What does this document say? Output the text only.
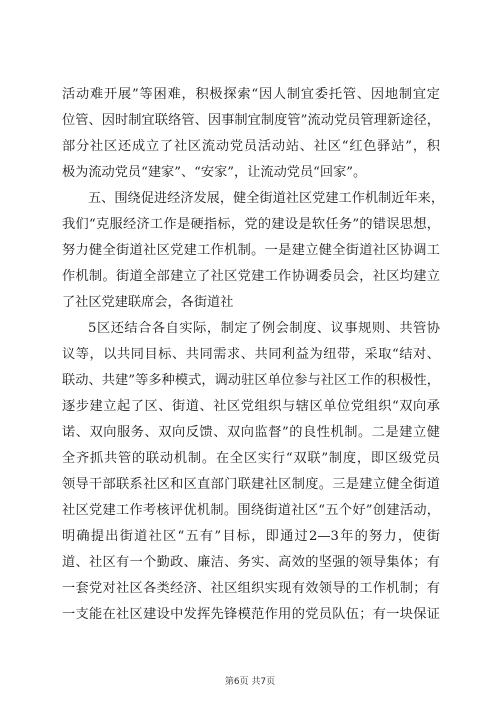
活动难开展”等困难，积极探索“因人制宜委托管、因地制宜定
位管、因时制宜联络管、因事制宜制度管”流动党员管理新途径，
部分社区还成立了社区流动党员活动站、社区“红色驿站”，积
极为流动党员“建家”、“安家”，让流动党员“回家”。
五、围绕促进经济发展，健全街道社区党建工作机制近年来，
我们“克服经济工作是硬指标，党的建设是软任务”的错误思想，
努力健全街道社区党建工作机制。一是建立健全街道社区协调工
作机制。街道全部建立了社区党建工作协调委员会，社区均建立
了社区党建联席会，各街道社
5区还结合各自实际，制定了例会制度、议事规则、共管协
议等，以共同目标、共同需求、共同利益为纽带，采取“结对、
联动、共建”等多种模式，调动驻区单位参与社区工作的积极性，
逐步建立起了区、街道、社区党组织与辖区单位党组织“双向承
诺、双向服务、双向反馈、双向监督”的良性机制。二是建立健
全齐抓共管的联动机制。在全区实行“双联”制度，即区级党员
领导干部联系社区和区直部门联建社区制度。三是建立健全街道
社区党建工作考核评优机制。围绕街道社区“五个好”创建活动，
明确提出街道社区“五有”目标，即通过2—3年的努力，使街
道、社区有一个勤政、廉洁、务实、高效的坚强的领导集体；有
一套党对社区各类经济、社区组织实现有效领导的工作机制；有
一支能在社区建设中发挥先锋模范作用的党员队伍；有一块保证
第6页 共7页
